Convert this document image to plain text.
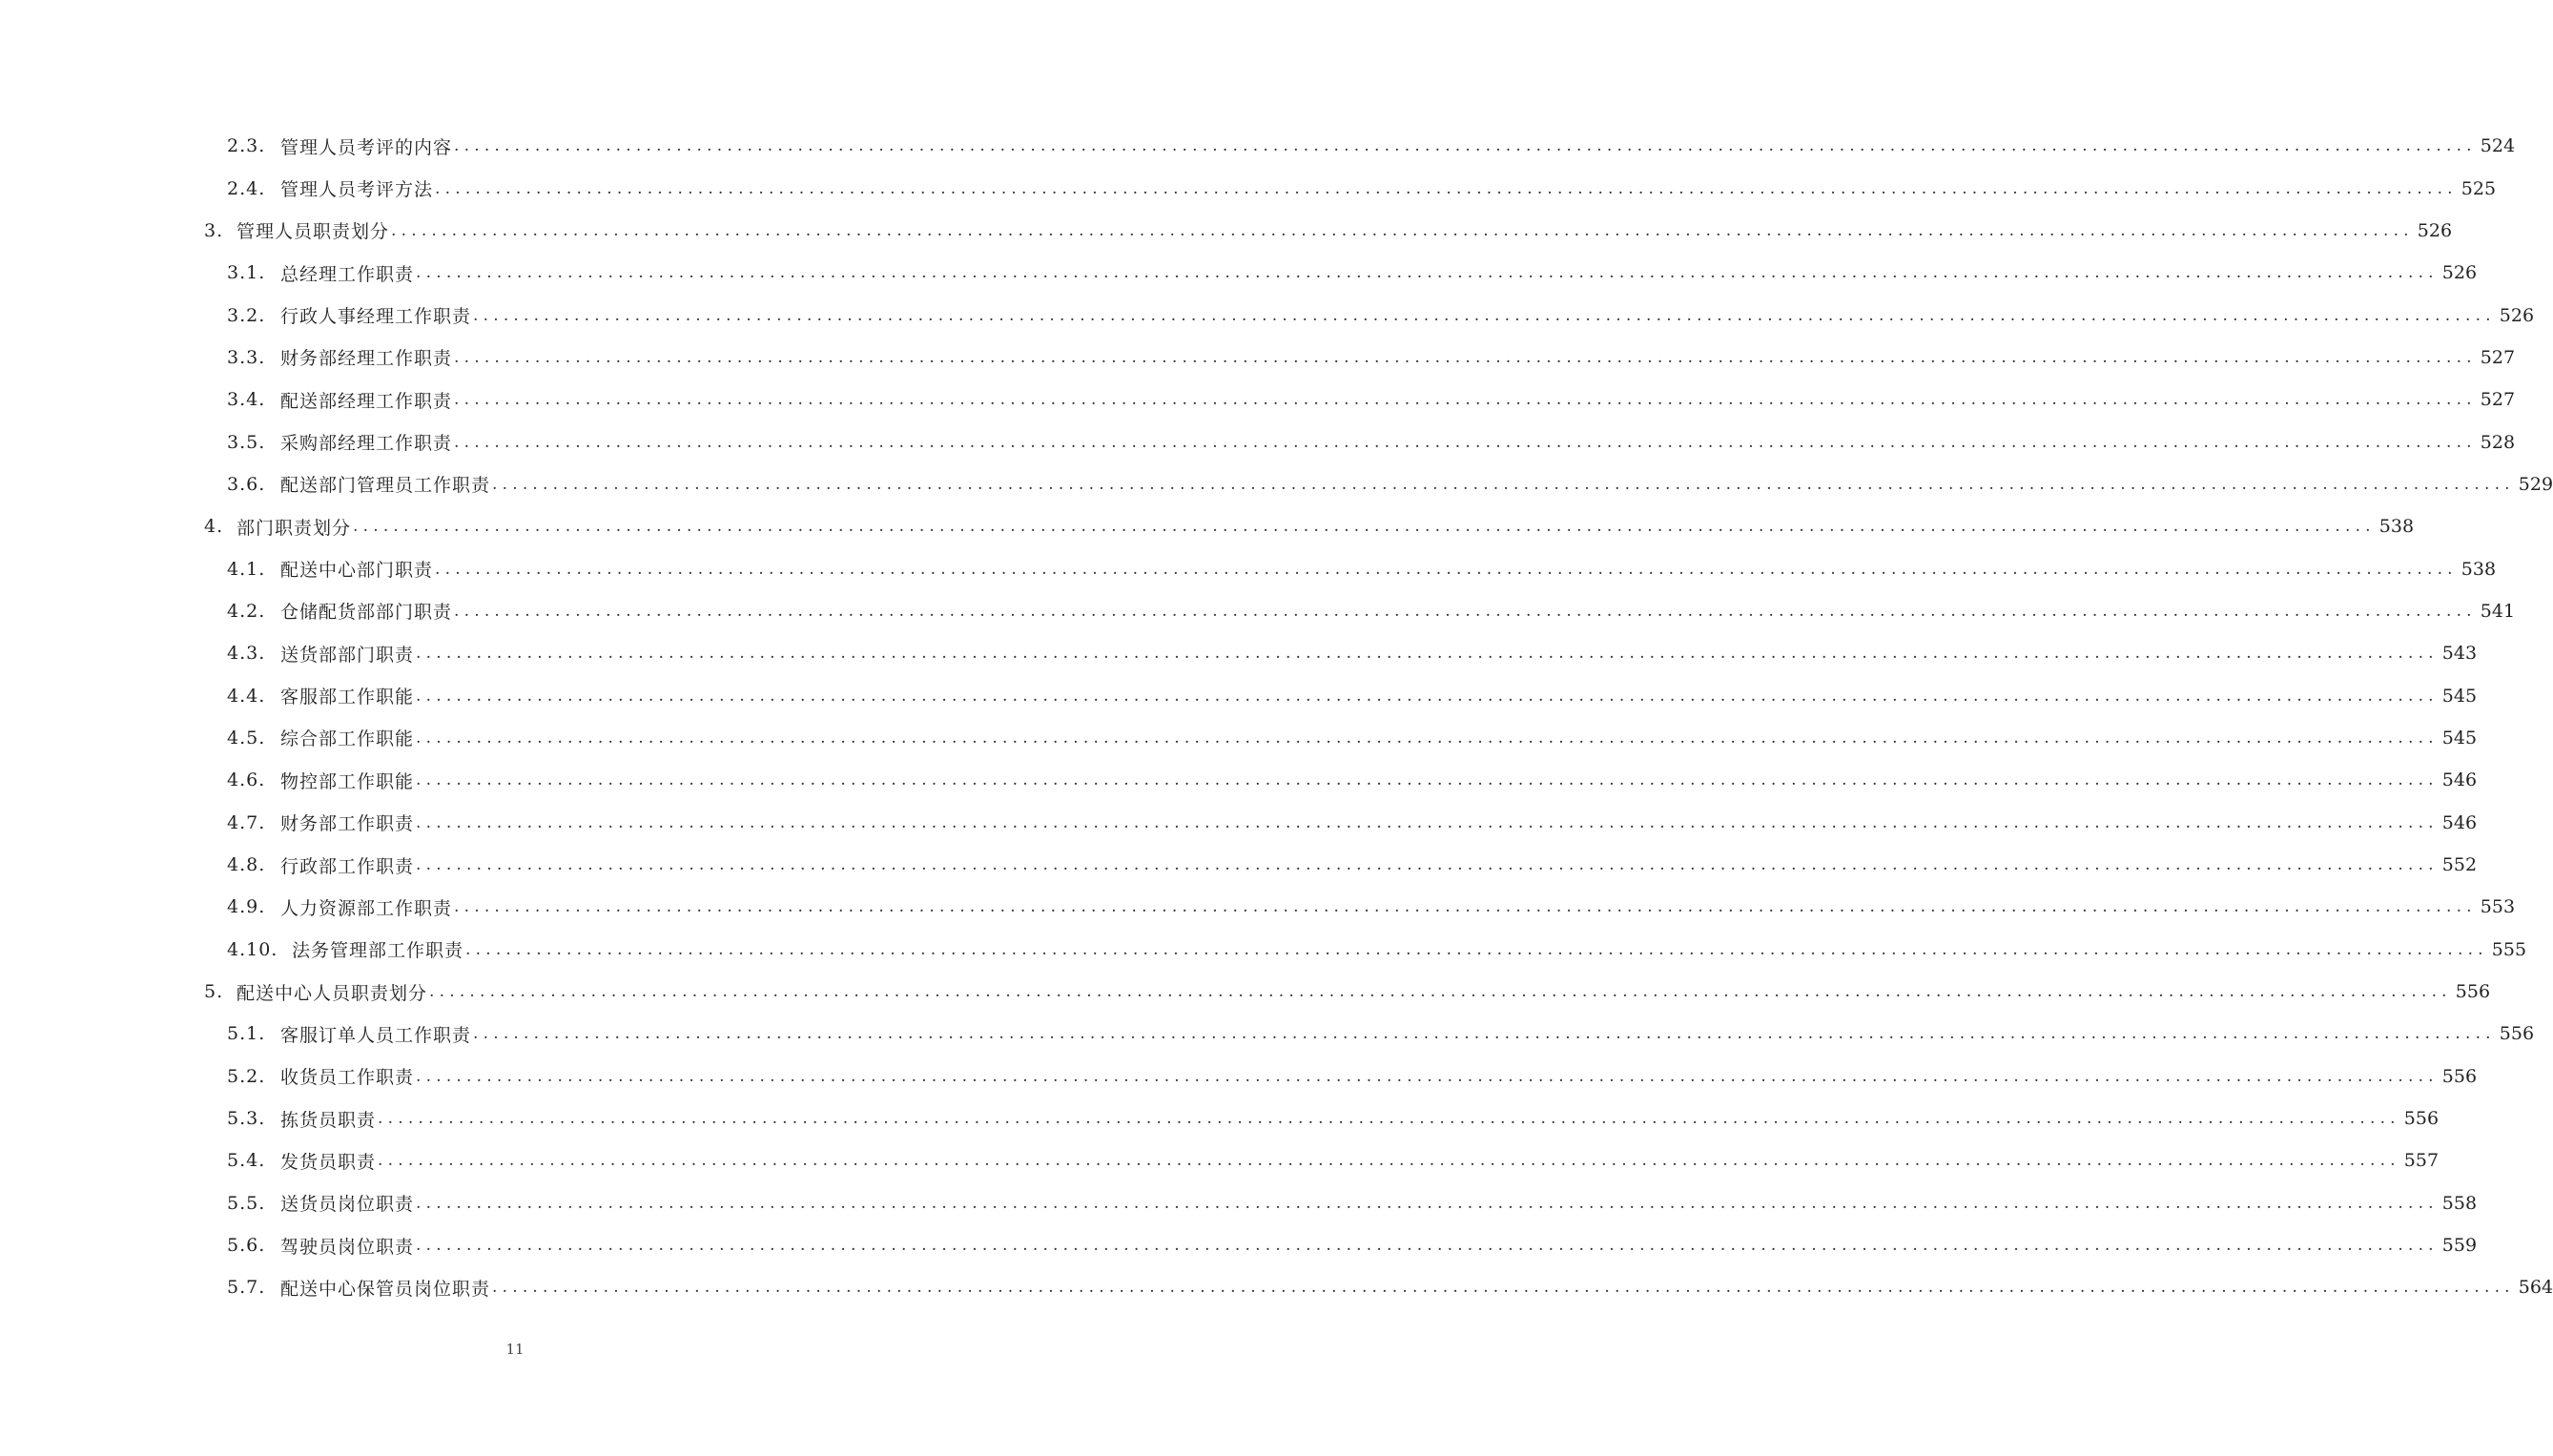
2.3. 管理人员考评的内容 ........................................................................................................................................................................................................ 524
2.4. 管理人员考评方法 ........................................................................................................................................................................................................ 525
3. 管理人员职责划分 ........................................................................................................................................................................................................ 526
3.1. 总经理工作职责 ........................................................................................................................................................................................................ 526
3.2. 行政人事经理工作职责 ........................................................................................................................................................................................................ 526
3.3. 财务部经理工作职责 ........................................................................................................................................................................................................ 527
3.4. 配送部经理工作职责 ........................................................................................................................................................................................................ 527
3.5. 采购部经理工作职责 ........................................................................................................................................................................................................ 528
3.6. 配送部门管理员工作职责 ........................................................................................................................................................................................................ 529
4. 部门职责划分 ........................................................................................................................................................................................................ 538
4.1. 配送中心部门职责 ........................................................................................................................................................................................................ 538
4.2. 仓储配货部部门职责 ........................................................................................................................................................................................................ 541
4.3. 送货部部门职责 ........................................................................................................................................................................................................ 543
4.4. 客服部工作职能 ........................................................................................................................................................................................................ 545
4.5. 综合部工作职能 ........................................................................................................................................................................................................ 545
4.6. 物控部工作职能 ........................................................................................................................................................................................................ 546
4.7. 财务部工作职责 ........................................................................................................................................................................................................ 546
4.8. 行政部工作职责 ........................................................................................................................................................................................................ 552
4.9. 人力资源部工作职责 ........................................................................................................................................................................................................ 553
4.10. 法务管理部工作职责 ........................................................................................................................................................................................................ 555
5. 配送中心人员职责划分 ........................................................................................................................................................................................................ 556
5.1. 客服订单人员工作职责 ........................................................................................................................................................................................................ 556
5.2. 收货员工作职责 ........................................................................................................................................................................................................ 556
5.3. 拣货员职责 ........................................................................................................................................................................................................ 556
5.4. 发货员职责 ........................................................................................................................................................................................................ 557
5.5. 送货员岗位职责 ........................................................................................................................................................................................................ 558
5.6. 驾驶员岗位职责 ........................................................................................................................................................................................................ 559
5.7. 配送中心保管员岗位职责 ........................................................................................................................................................................................................ 564
11
